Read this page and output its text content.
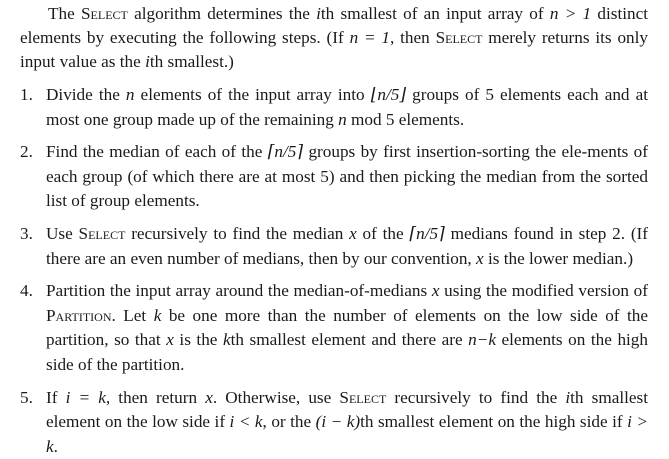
The Select algorithm determines the ith smallest of an input array of n > 1 distinct elements by executing the following steps. (If n = 1, then Select merely returns its only input value as the ith smallest.)

1. Divide the n elements of the input array into ⌊n/5⌋ groups of 5 elements each and at most one group made up of the remaining n mod 5 elements.
2. Find the median of each of the ⌈n/5⌉ groups by first insertion-sorting the ele-ments of each group (of which there are at most 5) and then picking the median from the sorted list of group elements.
3. Use Select recursively to find the median x of the ⌈n/5⌉ medians found in step 2. (If there are an even number of medians, then by our convention, x is the lower median.)
4. Partition the input array around the median-of-medians x using the modified version of Partition. Let k be one more than the number of elements on the low side of the partition, so that x is the kth smallest element and there are n−k elements on the high side of the partition.
5. If i = k, then return x. Otherwise, use Select recursively to find the ith smallest element on the low side if i < k, or the (i − k)th smallest element on the high side if i > k.
